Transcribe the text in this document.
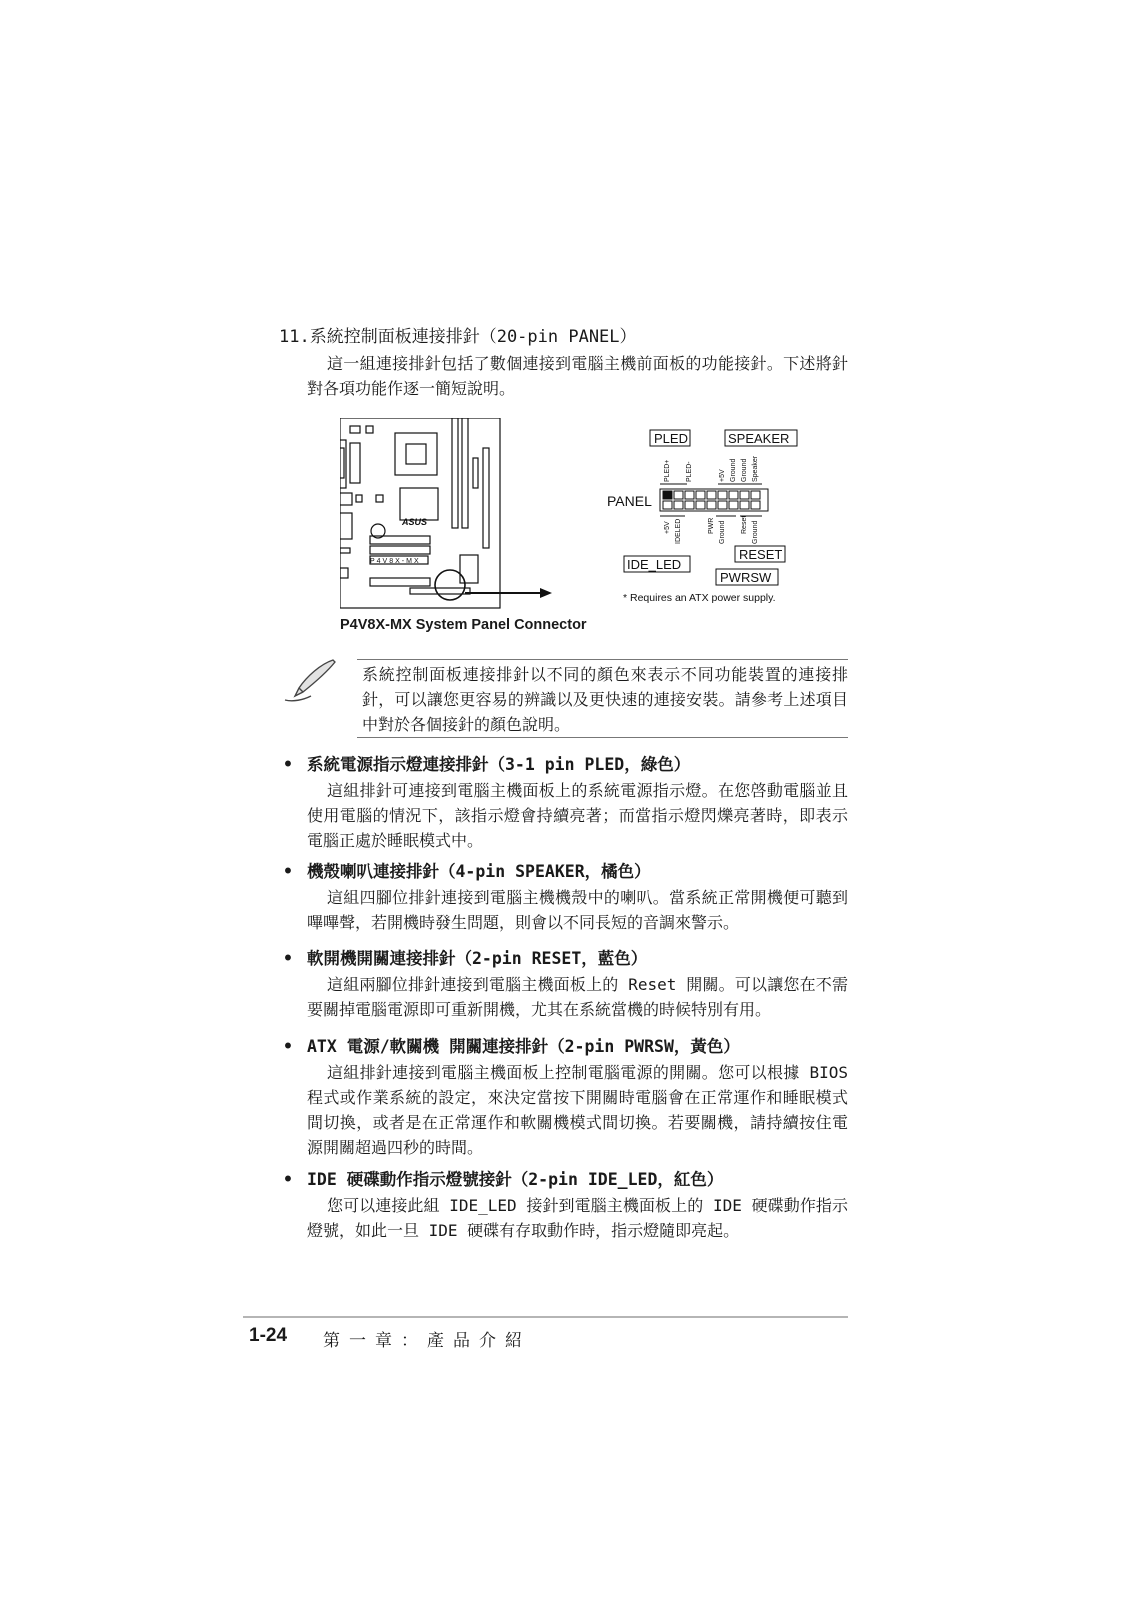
11.系統控制面板連接排針（20-pin PANEL）

這一組連接排針包括了數個連接到電腦主機前面板的功能接針。下述將針對各項功能作逐一簡短說明。

ASUS
P4V8X-MX
PLED	SPEAKER
PANEL
PLED+ PLED-	+5V Ground Ground Speaker
+5V IDELED	PWR Ground Reset Ground
RESET
IDE_LED
PWRSW
* Requires an ATX power supply.
P4V8X-MX System Panel Connector

系統控制面板連接排針以不同的顏色來表示不同功能裝置的連接排針，可以讓您更容易的辨識以及更快速的連接安裝。請參考上述項目中對於各個接針的顏色說明。

• 系統電源指示燈連接排針（3-1 pin PLED，綠色）

這組排針可連接到電腦主機面板上的系統電源指示燈。在您啓動電腦並且使用電腦的情況下，該指示燈會持續亮著；而當指示燈閃爍亮著時，即表示電腦正處於睡眠模式中。

• 機殼喇叭連接排針（4-pin SPEAKER，橘色）

這組四腳位排針連接到電腦主機機殼中的喇叭。當系統正常開機便可聽到嗶嗶聲，若開機時發生問題，則會以不同長短的音調來警示。

• 軟開機開關連接排針（2-pin RESET，藍色）

這組兩腳位排針連接到電腦主機面板上的 Reset 開關。可以讓您在不需要關掉電腦電源即可重新開機，尤其在系統當機的時候特別有用。

• ATX 電源/軟關機 開關連接排針（2-pin PWRSW，黃色）

這組排針連接到電腦主機面板上控制電腦電源的開關。您可以根據 BIOS 程式或作業系統的設定，來決定當按下開關時電腦會在正常運作和睡眠模式間切換，或者是在正常運作和軟關機模式間切換。若要關機，請持續按住電源開關超過四秒的時間。

• IDE 硬碟動作指示燈號接針（2-pin IDE_LED，紅色）

您可以連接此組 IDE_LED 接針到電腦主機面板上的 IDE 硬碟動作指示燈號，如此一旦 IDE 硬碟有存取動作時，指示燈隨即亮起。

1-24 第一章：產品介紹
